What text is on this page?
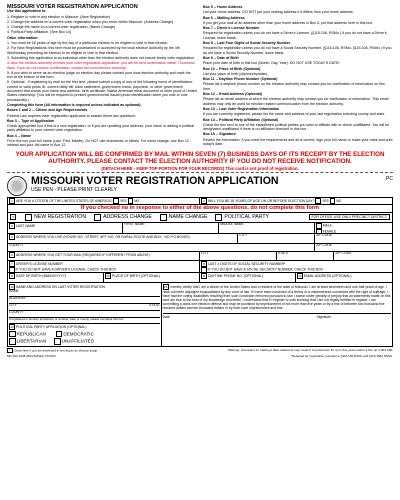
MISSOURI VOTER REGISTRATION APPLICATION

Use this application to:

1. Register to vote in any election in Missouri. (New Registration)

2. Change the address on a current voter registration when you move within Missouri. (Address Change)

3. Change the name on a current voter registration. (Name Change)

4. Political Party Affiliation. (See Box 14)

Other information:

1. You must be 18 years of age by the day of a particular election to be eligible to vote in that election.

2. For New Registrations, this form must be postmarked or accepted by the local election authority by the 4th Wednesday preceding an election to be eligible to vote in that election.

3. Submitting this application to an individual other than the election authority does not ensure timely voter registration.

4. Also the election authority reviews your voter registration application, you will be sent confirmation within 7 business days. If you do not receive confirmation, contact the local election authority.

5. If you wish to serve as an election judge on election day please contact your local election authority and mark the box at the bottom of this form.

6. Optional - If registering by mail for the first time, please submit a copy of one of the following forms of identification: current or valid photo ID, current utility bill, bank statement, government check, paycheck, or other government document that shows your name and address, birth certificate, Native American tribal document or other proof of United States citizenship. (You will be required to present governmental issued photo identification when you vote or vote provisionally.)

Completing this form (All information is required unless indicated as optional):

Boxes 1 and 2 -- Citizen and Age Requirements

Federal Law requires voter registration applicants to answer these two questions.

Box 3 -- Type of Application

Check appropriate box if this is a new registration, or if you are updating your address, your name or adding a political party affiliation to your current voter registration.

Box 4 -- Name

Fill in the box your full name (Last, First, Middle). Do NOT use nicknames or initials. For name change, use Box 12 instead and your old name in Box 12.

Box 5 -- Home Address

List your home address. DO NOT put your mailing address if it differs from your home address.

Box 6 -- Mailing Address

If you get your mail at an address other than your home address in Box 5, put that address here in this box.

Box 7 -- Driver's License Number

Required for registration unless you do not have a Driver's License. (§115.108, RSMo.) If you do not have a Driver's License, leave blank.

Box 8 -- Last Four Digits of Social Security Number

Required for registration unless you do not have a Social Security Number. (§115.108, RSMo. §115.108, RSMo.) If you do not have a Social Security Number, leave blank.

Box 9 -- Date of Birth

Place your date of birth in this box (Month, Day, Year). DO NOT USE TODAY'S DATE!

Box 10 -- Place of Birth (Optional)

List your place of birth (city/county/state).

Box 11 -- Daytime Phone Number (Optional)

Please list a daytime phone number so the election authority may contact you for clarification of information on this form.

Box 12 -- Email Address (Optional)

Please list an email address at which the election authority may contact you for clarification of information. This email address may only be used for election related communication from the election authority.

Box 13 -- Last Voter Registration Information

If you are currently registered, please list the name and address of your last registration including county and state.

Box 14 -- Political Party Affiliation (Optional)

Check the box next to one of the established political parties you wish to affiliate with or check unaffiliated. You will be designated unaffiliated if there is no affiliation checked in this box.

Box 15 -- Signature

Review the information. If you meet the requirements and all is correct, sign your full name or make your mark and print today's date.

YOUR APPLICATION WILL BE CONFIRMED BY MAIL WITHIN SEVEN (7) BUSINESS DAYS OF ITS RECEIPT BY THE ELECTION AUTHORITY. PLEASE CONTACT THE ELECTION AUTHORITY IF YOU DO NOT RECEIVE NOTIFICATION.
(DETACH HERE - KEEP TOP PORTION FOR YOUR RECORDS) This card is not proof of registration.
MISSOURI VOTER REGISTRATION APPLICATION
USE PEN - PLEASE PRINT CLEARLY
PC
1 ARE YOU A CITIZEN OF THE UNITED STATES OF AMERICA? YES NO	2 WILL YOU BE 18 YEARS OF AGE ON OR BEFORE ELECTION DAY? YES NO
If you checked no in response to either of the above questions, do not complete this form
3	NEW REGISTRATION	ADDRESS CHANGE	NAME CHANGE	POLITICAL PARTY	FOR OFFICE USE ONLY PRECINCT DISTRICT
4 LAST NAME	FIRST NAME	MIDDLE NAME	MALE
FEMALE
5 ADDRESS WHERE YOU LIVE (HOUSE NO., STREET, APT. NO. OR RURAL ROUTE AND BOX - NO P.O.BOXES)	CITY	ZIP CODE
COUNTY	ZIP CODE
6 ADDRESS WHERE YOU GET YOUR MAIL (REQUIRED IF DIFFERENT FROM ABOVE)	CITY	STATE	ZIP CODE
7 DRIVER'S LICENSE NUMBER
IF YOU DO NOT HAVE A DRIVER'S LICENSE, CHECK THIS BOX
8 LAST 4 DIGITS OF SOCIAL SECURITY NUMBER*
IF YOU DO NOT HAVE A SOCIAL SECURITY NUMBER, CHECK THIS BOX
9 DATE OF BIRTH (MM/DD/YYYY)	10 PLACE OF BIRTH (OPTIONAL)	11 DAYTIME PHONE NO. (OPTIONAL)	12 EMAIL ADDRESS (OPTIONAL)
13 NAME AND ADDRESS ON LAST VOTER REGISTRATION
NAME
ADDRESS
CITY	STATE
COUNTY
If registered in another jurisdiction or another state or county, please complete this box
14 POLITICAL PARTY AFFILIATION (OPTIONAL)
REPUBLICAN	DEMOCRATIC
LIBERTARIAN	UNAFFILIATED
15 I hereby certify that I am a citizen of the United States and a resident of the state of Missouri. I am at least seventeen and one-half years of age. I have not been adjudged incapacitated by any court of law. If I have been convicted of a felony or a misdemeanor connected with the right of suffrage, I have had the voting disabilities resulting from such conviction removed pursuant to law. I swear under penalty of perjury that all statements made on this card are true to the best of my knowledge and belief. I understand that if I register to vote knowing that I am not legally entitled to register, I am committing a class one election offense and may be punished by imprisonment of not more than five years or by a fine of between two thousand five hundred dollars and ten thousand dollars or by both such imprisonment and fine.
Date	Signature
Check here if you are interested in serving as an election judge.	Warning: Conviction for making a false statement may result in imprisonment for up to five years and/or a fine up to $10,000.
MO 001-2948 (REV.6/2012) 07/2013	*Required for registration pursuant to §115.155 RSMo and §115.1581 RSMo.
